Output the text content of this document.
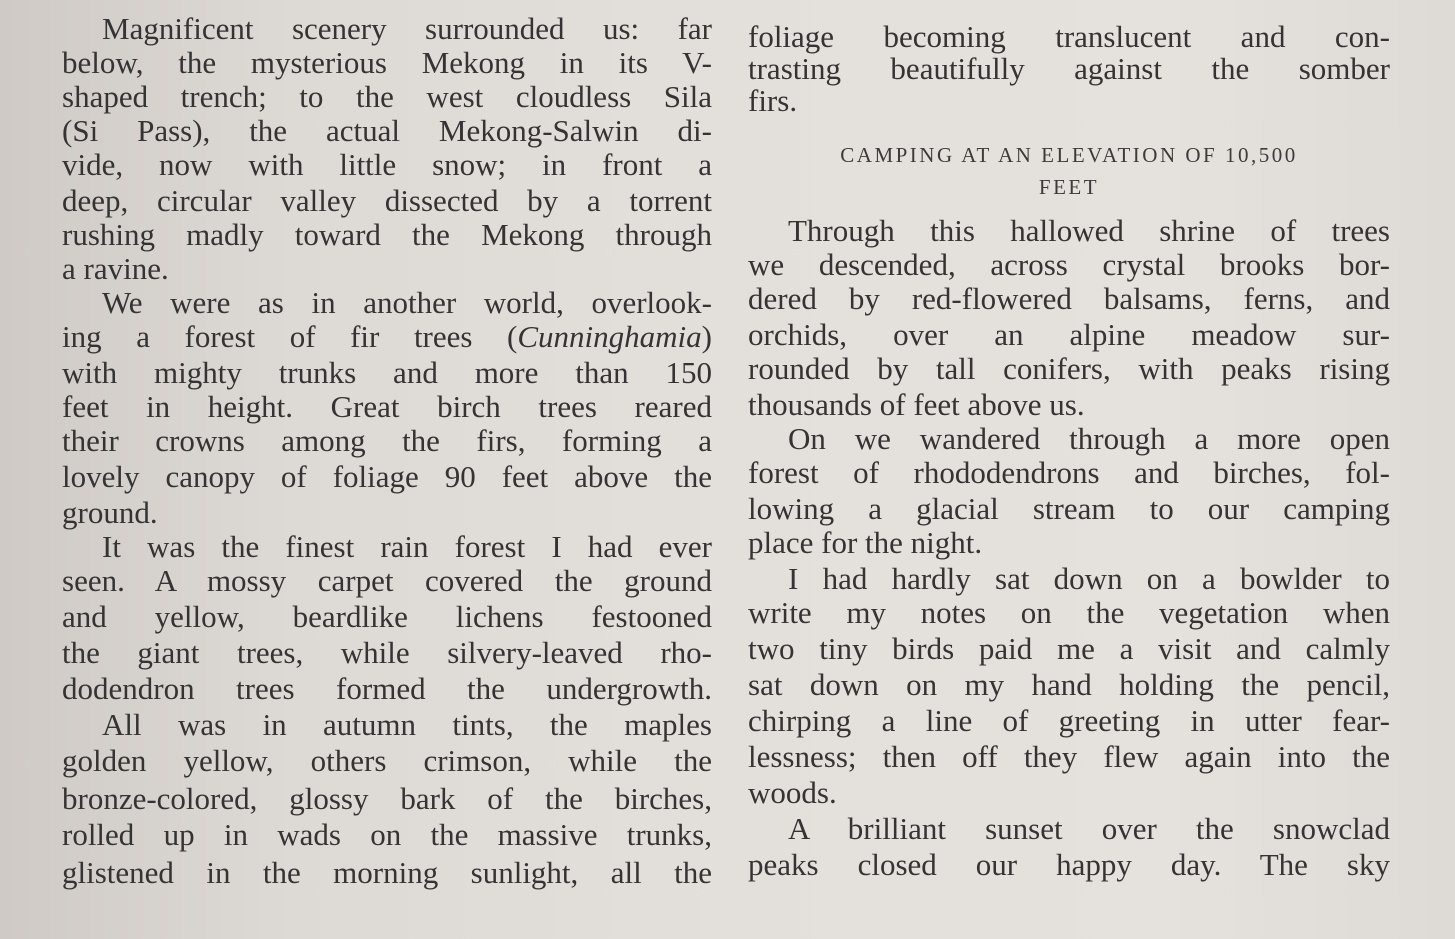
Magnificent scenery surrounded us: far
below, the mysterious Mekong in its V-
shaped trench; to the west cloudless Sila
(Si Pass), the actual Mekong-Salwin di-
vide, now with little snow; in front a
deep, circular valley dissected by a torrent
rushing madly toward the Mekong through
a ravine.
We were as in another world, overlook-
ing a forest of fir trees (Cunninghamia)
with mighty trunks and more than 150
feet in height. Great birch trees reared
their crowns among the firs, forming a
lovely canopy of foliage 90 feet above the
ground.
It was the finest rain forest I had ever
seen. A mossy carpet covered the ground
and yellow, beardlike lichens festooned
the giant trees, while silvery-leaved rho-
dodendron trees formed the undergrowth.
All was in autumn tints, the maples
golden yellow, others crimson, while the
bronze-colored, glossy bark of the birches,
rolled up in wads on the massive trunks,
glistened in the morning sunlight, all the
foliage becoming translucent and con-
trasting beautifully against the somber
firs.
CAMPING AT AN ELEVATION OF 10,500
FEET
Through this hallowed shrine of trees
we descended, across crystal brooks bor-
dered by red-flowered balsams, ferns, and
orchids, over an alpine meadow sur-
rounded by tall conifers, with peaks rising
thousands of feet above us.
On we wandered through a more open
forest of rhododendrons and birches, fol-
lowing a glacial stream to our camping
place for the night.
I had hardly sat down on a bowlder to
write my notes on the vegetation when
two tiny birds paid me a visit and calmly
sat down on my hand holding the pencil,
chirping a line of greeting in utter fear-
lessness; then off they flew again into the
woods.
A brilliant sunset over the snowclad
peaks closed our happy day. The sky
